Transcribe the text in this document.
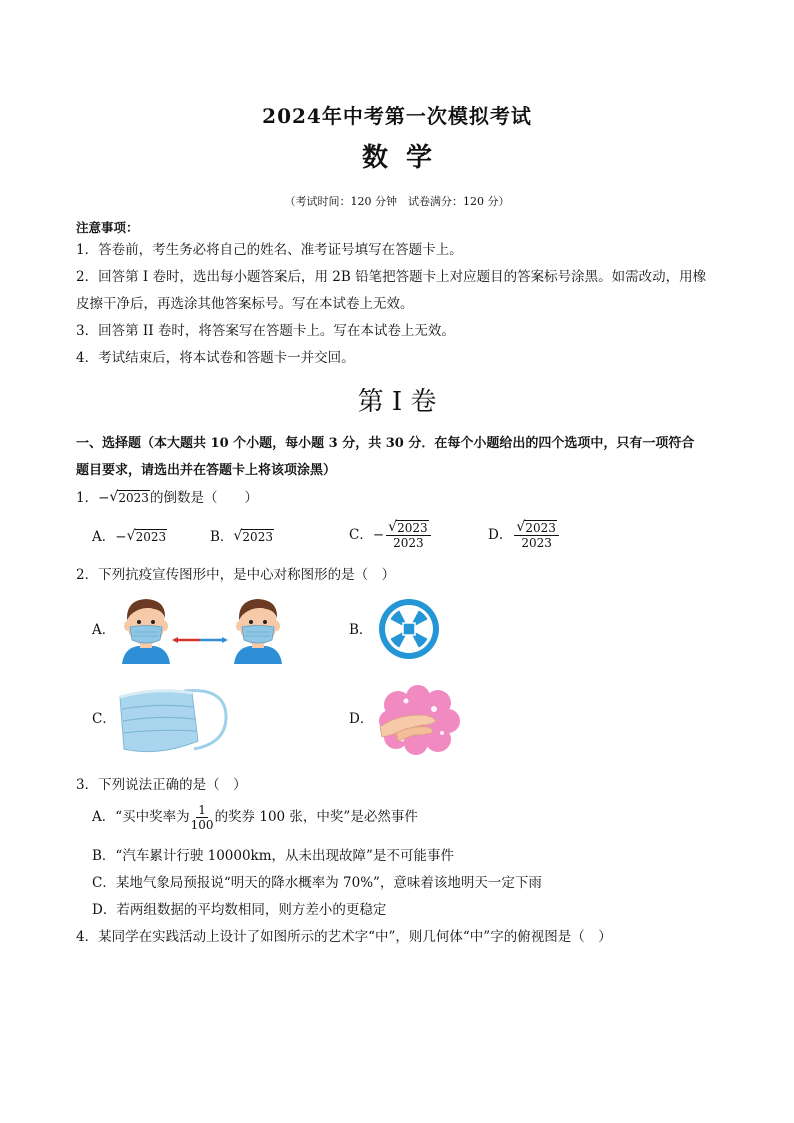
2024年中考第一次模拟考试
数学
（考试时间：120 分钟　试卷满分：120 分）
注意事项：
1．答卷前，考生务必将自己的姓名、准考证号填写在答题卡上。
2．回答第 I 卷时，选出每小题答案后，用 2B 铅笔把答题卡上对应题目的答案标号涂黑。如需改动，用橡
皮擦干净后，再选涂其他答案标号。写在本试卷上无效。
3．回答第 II 卷时，将答案写在答题卡上。写在本试卷上无效。
4．考试结束后，将本试卷和答题卡一并交回。
第 I 卷
一、选择题（本大题共 10 个小题，每小题 3 分，共 30 分．在每个小题给出的四个选项中，只有一项符合
题目要求，请选出并在答题卡上将该项涂黑）
1．− √ 2023的倒数是（　　）
A．− √ 2023	B． √ 2023	C． − $\frac{√ 2023}{2023}$	D． $\frac{√ 2023}{2023}$
2．下列抗疫宣传图形中，是中心对称图形的是（　）
A．	B．
C．	D．
3．下列说法正确的是（　）
A．“买中奖率为 $\frac{1}{100}$ 的奖券 100 张，中奖”是必然事件
B．“汽车累计行驶 10000km，从未出现故障”是不可能事件
C．某地气象局预报说“明天的降水概率为 70%”，意味着该地明天一定下雨
D．若两组数据的平均数相同，则方差小的更稳定
4．某同学在实践活动上设计了如图所示的艺术字“中”，则几何体“中”字的俯视图是（　）
